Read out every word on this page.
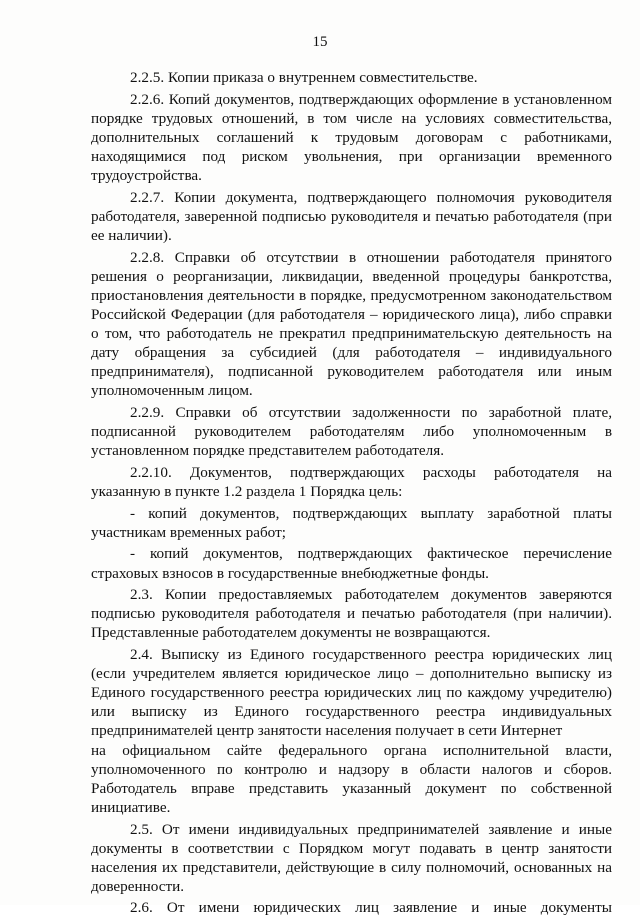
15

2.2.5. Копии приказа о внутреннем совместительстве.

2.2.6. Копий документов, подтверждающих оформление в установленном порядке трудовых отношений, в том числе на условиях совместительства, дополнительных соглашений к трудовым договорам с работниками, находящимися под риском увольнения, при организации временного трудоустройства.

2.2.7. Копии документа, подтверждающего полномочия руководителя работодателя, заверенной подписью руководителя и печатью работодателя (при ее наличии).

2.2.8. Справки об отсутствии в отношении работодателя принятого решения о реорганизации, ликвидации, введенной процедуры банкротства, приостановления деятельности в порядке, предусмотренном законодательством Российской Федерации (для работодателя – юридического лица), либо справки о том, что работодатель не прекратил предпринимательскую деятельность на дату обращения за субсидией (для работодателя – индивидуального предпринимателя), подписанной руководителем работодателя или иным уполномоченным лицом.

2.2.9. Справки об отсутствии задолженности по заработной плате, подписанной руководителем работодателям либо уполномоченным в установленном порядке представителем работодателя.

2.2.10. Документов, подтверждающих расходы работодателя на указанную в пункте 1.2 раздела 1 Порядка цель:

- копий документов, подтверждающих выплату заработной платы участникам временных работ;

- копий документов, подтверждающих фактическое перечисление страховых взносов в государственные внебюджетные фонды.

2.3. Копии предоставляемых работодателем документов заверяются подписью руководителя работодателя и печатью работодателя (при наличии). Представленные работодателем документы не возвращаются.

2.4. Выписку из Единого государственного реестра юридических лиц (если учредителем является юридическое лицо – дополнительно выписку из Единого государственного реестра юридических лиц по каждому учредителю) или выписку из Единого государственного реестра индивидуальных предпринимателей центр занятости населения получает в сети Интернет

на официальном сайте федерального органа исполнительной власти, уполномоченного по контролю и надзору в области налогов и сборов. Работодатель вправе представить указанный документ по собственной инициативе.

2.5. От имени индивидуальных предпринимателей заявление и иные документы в соответствии с Порядком могут подавать в центр занятости населения их представители, действующие в силу полномочий, основанных на доверенности.

2.6. От имени юридических лиц заявление и иные документы
